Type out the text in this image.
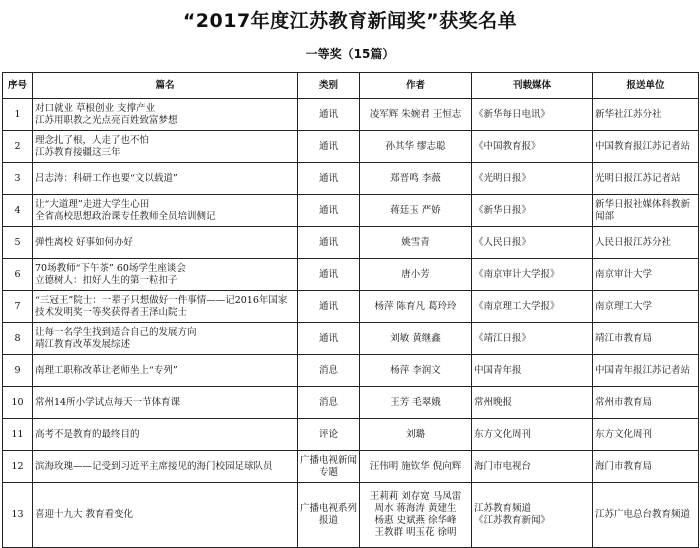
“2017年度江苏教育新闻奖”获奖名单
一等奖（15篇）
序号	篇名	类别	作者	刊载媒体	报送单位
1	对口就业 草根创业 支撑产业
江苏用职教之光点亮百姓致富梦想	通讯	凌军辉 朱婉君 王恒志	《新华每日电讯》	新华社江苏分社
2	理念扎了根，人走了也不怕
江苏教育接疆这三年	通讯	孙其华 缪志聪	《中国教育报》	中国教育报江苏记者站
3	吕志涛：科研工作也要“文以载道”	通讯	郑晋鸣 李薇	《光明日报》	光明日报江苏记者站
4	让“大道理”走进大学生心田
全省高校思想政治课专任教师全员培训侧记	通讯	蒋廷玉 严娇	《新华日报》	新华日报社媒体科教新闻部
5	弹性离校 好事如何办好	通讯	姚雪青	《人民日报》	人民日报江苏分社
6	70场教师“下午茶” 60场学生座谈会
立德树人：扣好人生的第一粒扣子	通讯	唐小芳	《南京审计大学报》	南京审计大学
7	“三冠王”院士：一辈子只想做好一件事情——记2016年国家技术发明奖一等奖获得者王泽山院士	通讯	杨萍 陈育凡 葛玲玲	《南京理工大学报》	南京理工大学
8	让每一名学生找到适合自己的发展方向
靖江教育改革发展综述	通讯	刘敏 黄继鑫	《靖江日报》	靖江市教育局
9	南理工职称改革让老师坐上“专列”	消息	杨萍 李润文	中国青年报	中国青年报江苏记者站
10	常州14所小学试点每天一节体育课	消息	王芳 毛翠娥	常州晚报	常州市教育局
11	高考不是教育的最终目的	评论	刘璐	东方文化周刊	东方文化周刊
12	滨海玫瑰——记受到习近平主席接见的海门校园足球队员	广播电视新闻专题	汪伟明 施钦华 倪向辉	海门市电视台	海门市教育局
13	喜迎十九大 教育看变化	广播电视系列报道	王莉莉 刘存宽 马凤雷
周水 蒋海涛 黄建生
杨惠 史斌燕 徐华峰
王教群 明玉花 徐明	江苏教育频道
《江苏教育新闻》	江苏广电总台教育频道
